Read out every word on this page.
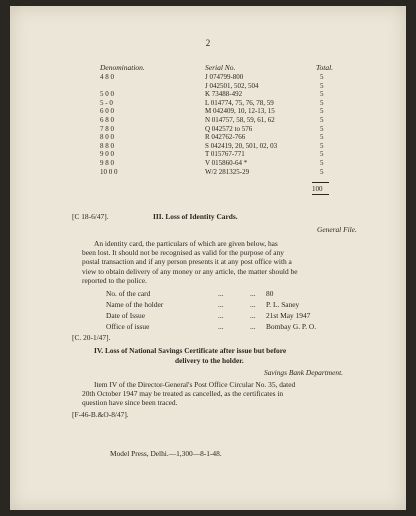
2
Denomination.	Serial No.	Total.
4 8 0	J 074799-800	5
	J 042501, 502, 504	5
5 0 0	K 73488-492	5
5 - 0	L 014774, 75, 76, 78, 59	5
6 0 0	M 042409, 10, 12-13, 15	5
6 8 0	N 014757, 58, 59, 61, 62	5
7 8 0	Q 042572 to 576	5
8 0 0	R 042762-766	5
8 8 0	S 042419, 20, 501, 02, 03	5
9 0 0	T 015767-771	5
9 8 0	V 015860-64 *	5
10 0 0	W/2 281325-29	5
100
[C 18-6/47].	III. Loss of Identity Cards.
General File.
An identity card, the particulars of which are given below, has
been lost. It should not be recognised as valid for the purpose of any
postal transaction and if any person presents it at any post office with a
view to obtain delivery of any money or any article, the matter should be
reported to the police.
No. of the card	...	... 80
Name of the holder	...	... P. L. Saney
Date of Issue	...	... 21st May 1947
Office of issue	...	... Bombay G. P. O.
[C. 20-1/47].
IV. Loss of National Savings Certificate after issue but before
delivery to the holder.
Savings Bank Department.
Item IV of the Director-General's Post Office Circular No. 35, dated
20th October 1947 may be treated as cancelled, as the certificates in
question have since been traced.
[F-46-B.&O-8/47].
Model Press, Delhi.—1,300—8-1-48.
